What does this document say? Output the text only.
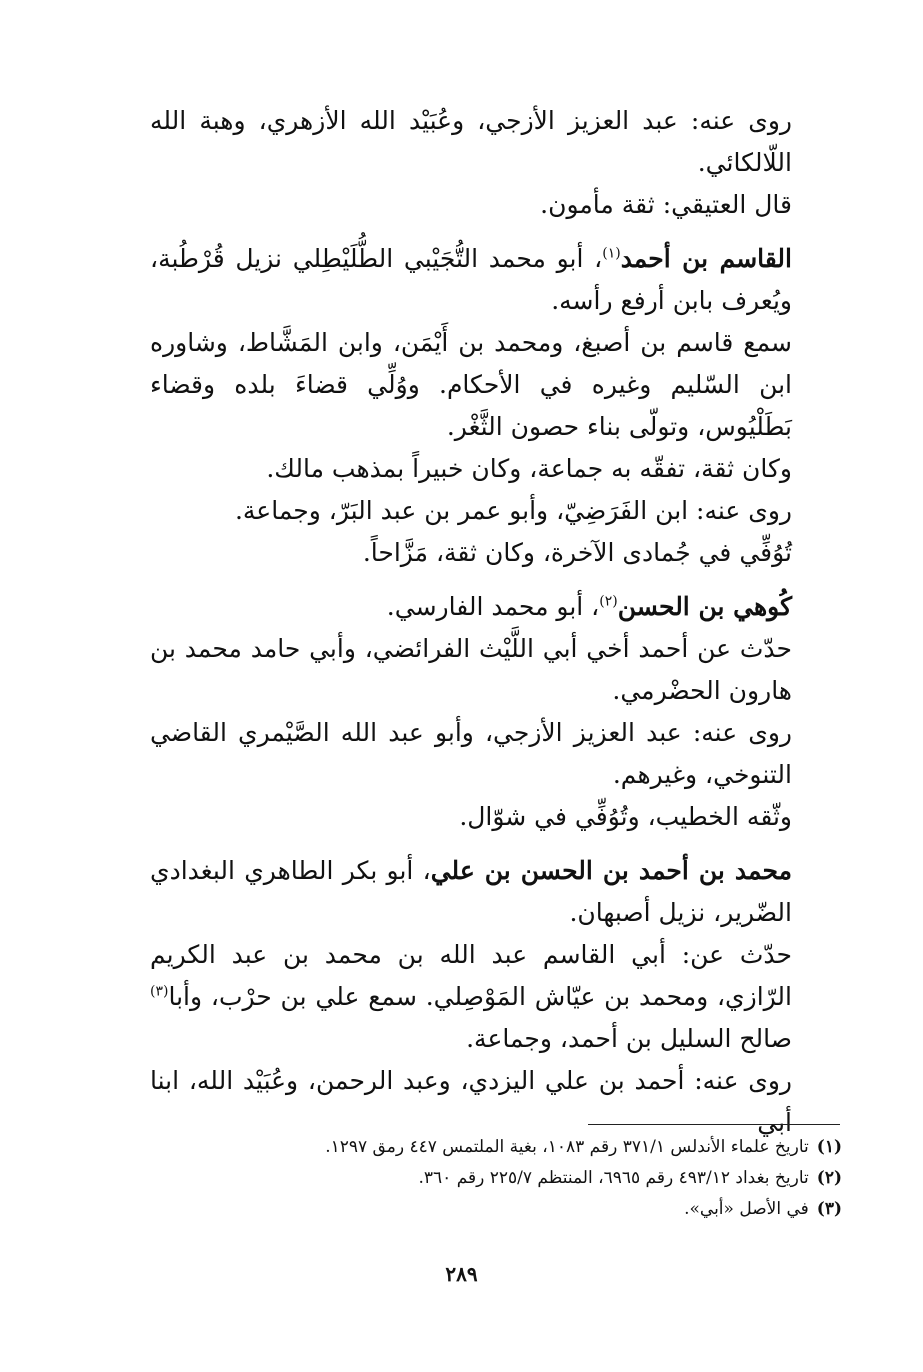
روى عنه: عبد العزيز الأزجي، وعُبَيْد الله الأزهري، وهبة الله اللّالكائي.

قال العتيقي: ثقة مأمون.

القاسم بن أحمد$^{(١)}$، أبو محمد التُّجَيْبي الطُّلَيْطِلي نزيل قُرْطُبة، ويُعرف بابن أرفع رأسه.

سمع قاسم بن أصبغ، ومحمد بن أَيْمَن، وابن المَشَّاط، وشاوره ابن السّليم وغيره في الأحكام. ووُلِّي قضاءَ بلده وقضاء بَطَلْيُوس، وتولّى بناء حصون الثَّغْر.

وكان ثقة، تفقّه به جماعة، وكان خبيراً بمذهب مالك.

روى عنه: ابن الفَرَضِيّ، وأبو عمر بن عبد البَرّ، وجماعة.

تُوُفِّي في جُمادى الآخرة، وكان ثقة، مَزَّاحاً.

كُوهي بن الحسن$^{(٢)}$، أبو محمد الفارسي.

حدّث عن أحمد أخي أبي اللَّيْث الفرائضي، وأبي حامد محمد بن هارون الحضْرمي.

روى عنه: عبد العزيز الأزجي، وأبو عبد الله الصَّيْمري القاضي التنوخي، وغيرهم.

وثّقه الخطيب، وتُوُفِّي في شوّال.

محمد بن أحمد بن الحسن بن علي، أبو بكر الطاهري البغدادي الضّرير، نزيل أصبهان.

حدّث عن: أبي القاسم عبد الله بن محمد بن عبد الكريم الرّازي، ومحمد بن عيّاش المَوْصِلي. سمع علي بن حرْب، وأبا$^{(٣)}$ صالح السليل بن أحمد، وجماعة.

روى عنه: أحمد بن علي اليزدي، وعبد الرحمن، وعُبَيْد الله، ابنا أبي

(١)تاريخ علماء الأندلس ٣٧١/١ رقم ١٠٨٣، بغية الملتمس ٤٤٧ رمق ١٢٩٧.

(٢)تاريخ بغداد ٤٩٣/١٢ رقم ٦٩٦٥، المنتظم ٢٢٥/٧ رقم ٣٦٠.

(٣)في الأصل «أبي».

٢٨٩
